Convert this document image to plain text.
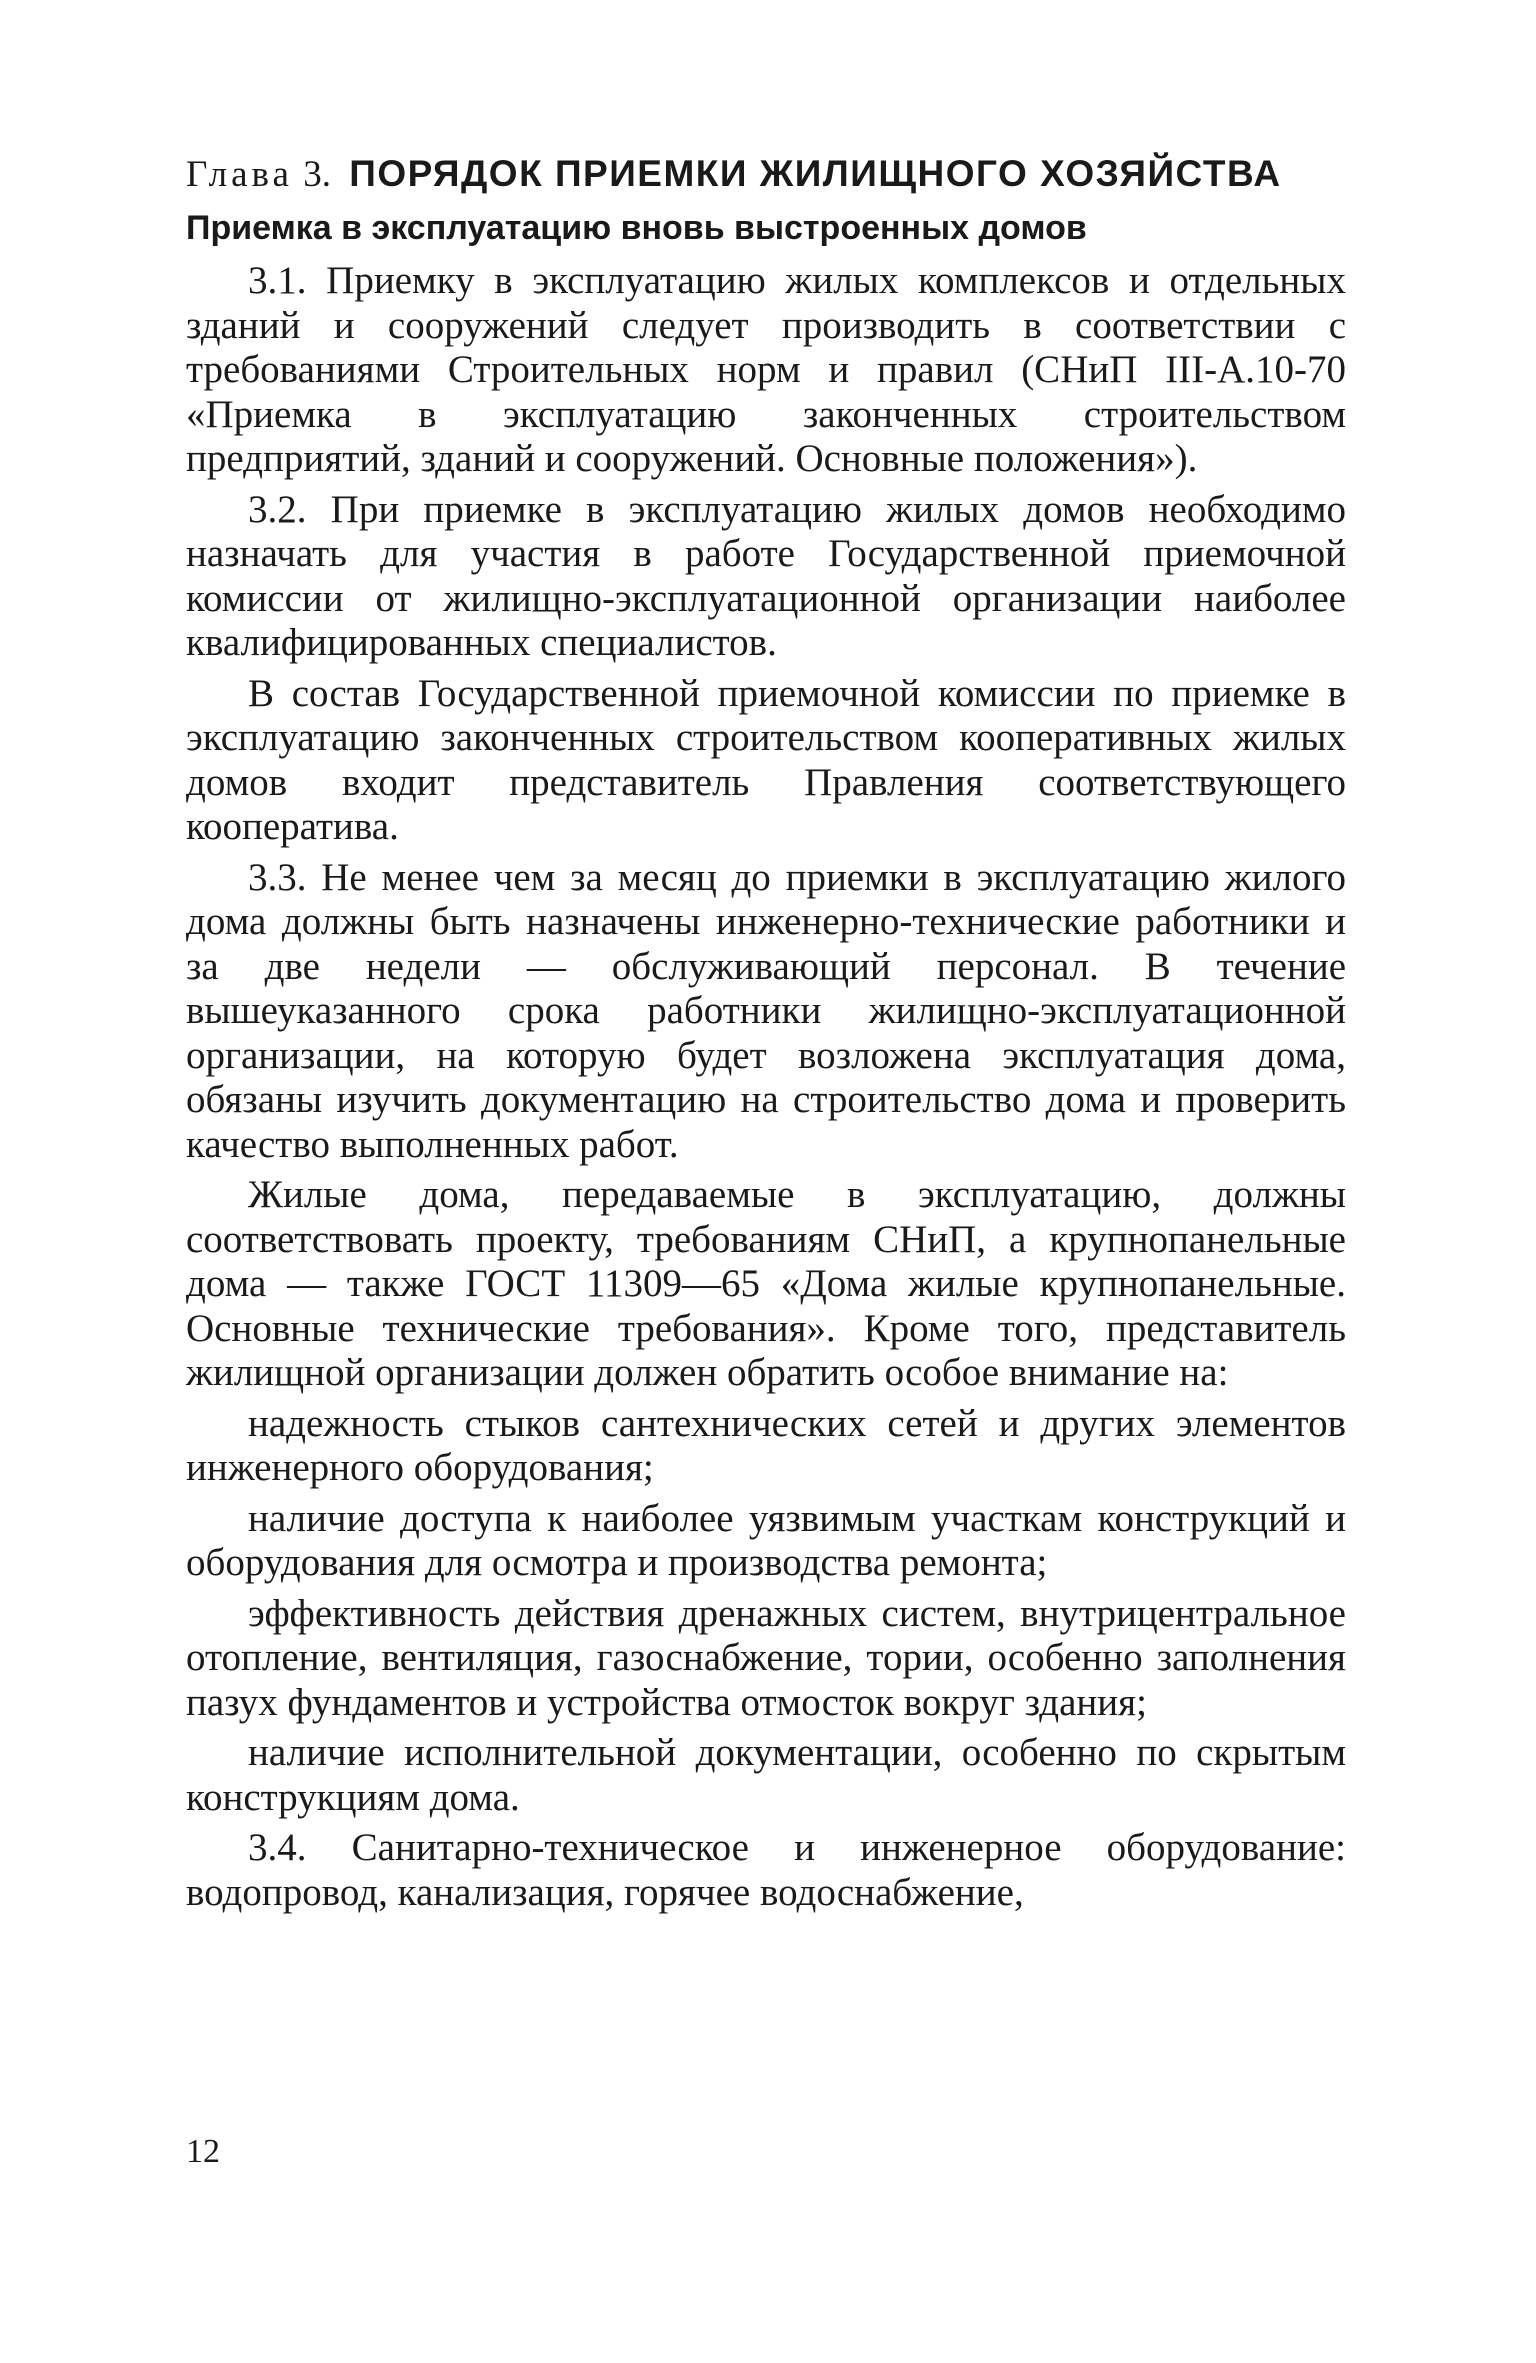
Глава 3. ПОРЯДОК ПРИЕМКИ ЖИЛИЩНОГО ХОЗЯЙСТВА
Приемка в эксплуатацию вновь выстроенных домов

3.1. Приемку в эксплуатацию жилых комплексов и отдельных зданий и сооружений следует производить в соответствии с требованиями Строительных норм и правил (СНиП III-А.10-70 «Приемка в эксплуатацию законченных строительством предприятий, зданий и сооружений. Основные положения»).

3.2. При приемке в эксплуатацию жилых домов необходимо назначать для участия в работе Государственной приемочной комиссии от жилищно-эксплуатационной организации наиболее квалифицированных специалистов.

В состав Государственной приемочной комиссии по приемке в эксплуатацию законченных строительством кооперативных жилых домов входит представитель Правления соответствующего кооператива.

3.3. Не менее чем за месяц до приемки в эксплуатацию жилого дома должны быть назначены инженерно-технические работники и за две недели — обслуживающий персонал. В течение вышеуказанного срока работники жилищно-эксплуатационной организации, на которую будет возложена эксплуатация дома, обязаны изучить документацию на строительство дома и проверить качество выполненных работ.

Жилые дома, передаваемые в эксплуатацию, должны соответствовать проекту, требованиям СНиП, а крупнопанельные дома — также ГОСТ 11309—65 «Дома жилые крупнопанельные. Основные технические требования». Кроме того, представитель жилищной организации должен обратить особое внимание на:

надежность стыков сантехнических сетей и других элементов инженерного оборудования;

наличие доступа к наиболее уязвимым участкам конструкций и оборудования для осмотра и производства ремонта;

эффективность действия дренажных систем, внутрицентральное отопление, вентиляция, газоснабжение, тории, особенно заполнения пазух фундаментов и устройства отмосток вокруг здания;

наличие исполнительной документации, особенно по скрытым конструкциям дома.

3.4. Санитарно-техническое и инженерное оборудование: водопровод, канализация, горячее водоснабжение,

12
